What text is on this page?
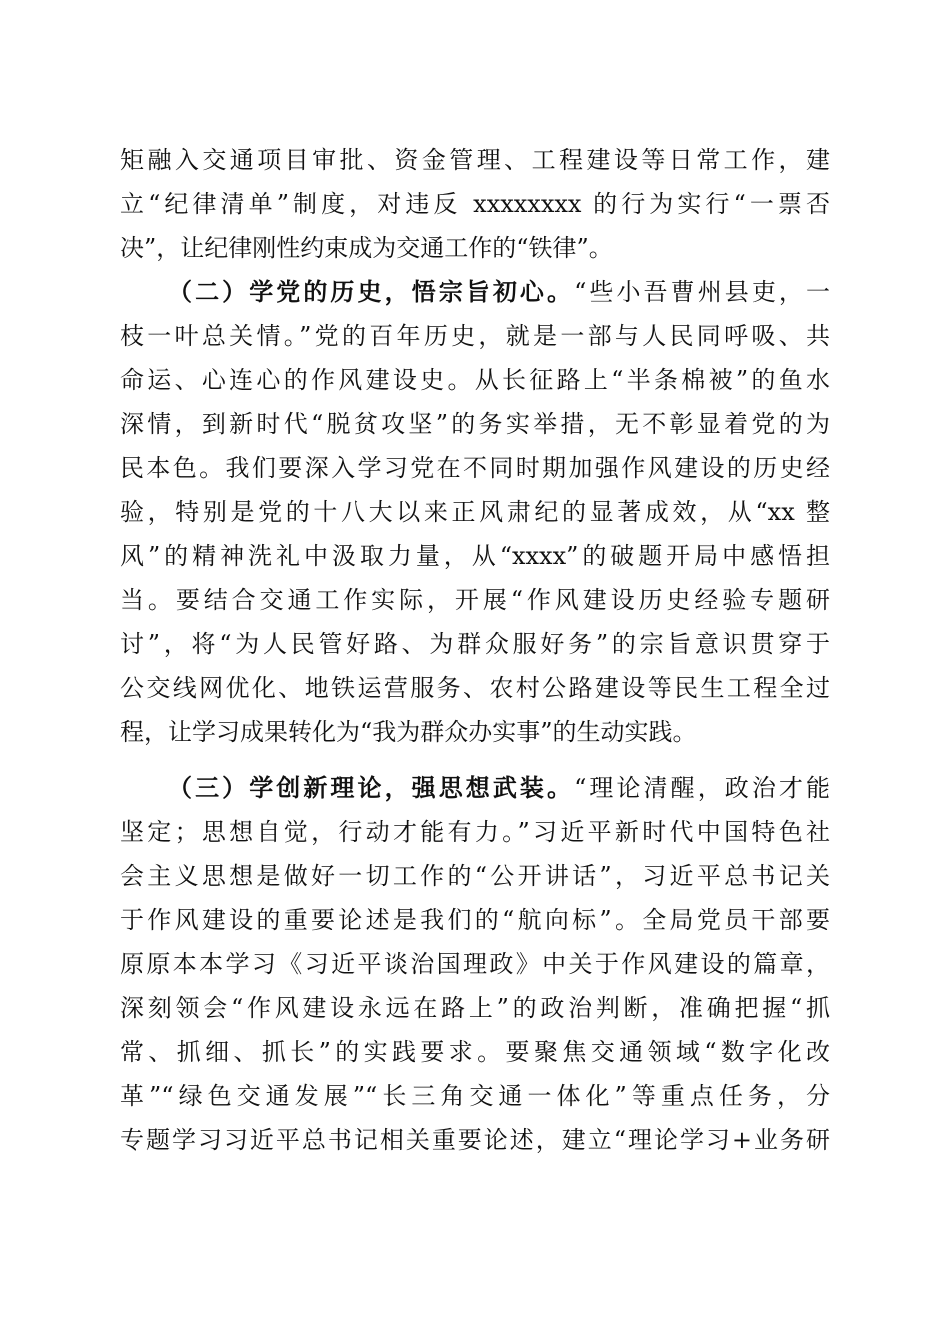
矩融入交通项目审批、资金管理、工程建设等日常工作，建
立“纪律清单”制度，对违反 xxxxxxxx 的行为实行“一票否
决”，让纪律刚性约束成为交通工作的“铁律”。
（二）学党的历史，悟宗旨初心。“些小吾曹州县吏，一
枝一叶总关情。”党的百年历史，就是一部与人民同呼吸、共
命运、心连心的作风建设史。从长征路上“半条棉被”的鱼水
深情，到新时代“脱贫攻坚”的务实举措，无不彰显着党的为
民本色。我们要深入学习党在不同时期加强作风建设的历史经
验，特别是党的十八大以来正风肃纪的显著成效，从“xx 整
风”的精神洗礼中汲取力量，从“xxxx”的破题开局中感悟担
当。要结合交通工作实际，开展“作风建设历史经验专题研
讨”，将“为人民管好路、为群众服好务”的宗旨意识贯穿于
公交线网优化、地铁运营服务、农村公路建设等民生工程全过
程，让学习成果转化为“我为群众办实事”的生动实践。
（三）学创新理论，强思想武装。“理论清醒，政治才能
坚定；思想自觉，行动才能有力。”习近平新时代中国特色社
会主义思想是做好一切工作的“公开讲话”，习近平总书记关
于作风建设的重要论述是我们的“航向标”。全局党员干部要
原原本本学习《习近平谈治国理政》中关于作风建设的篇章，
深刻领会“作风建设永远在路上”的政治判断，准确把握“抓
常、抓细、抓长”的实践要求。要聚焦交通领域“数字化改
革”“绿色交通发展”“长三角交通一体化”等重点任务，分
专题学习习近平总书记相关重要论述，建立“理论学习+业务研
